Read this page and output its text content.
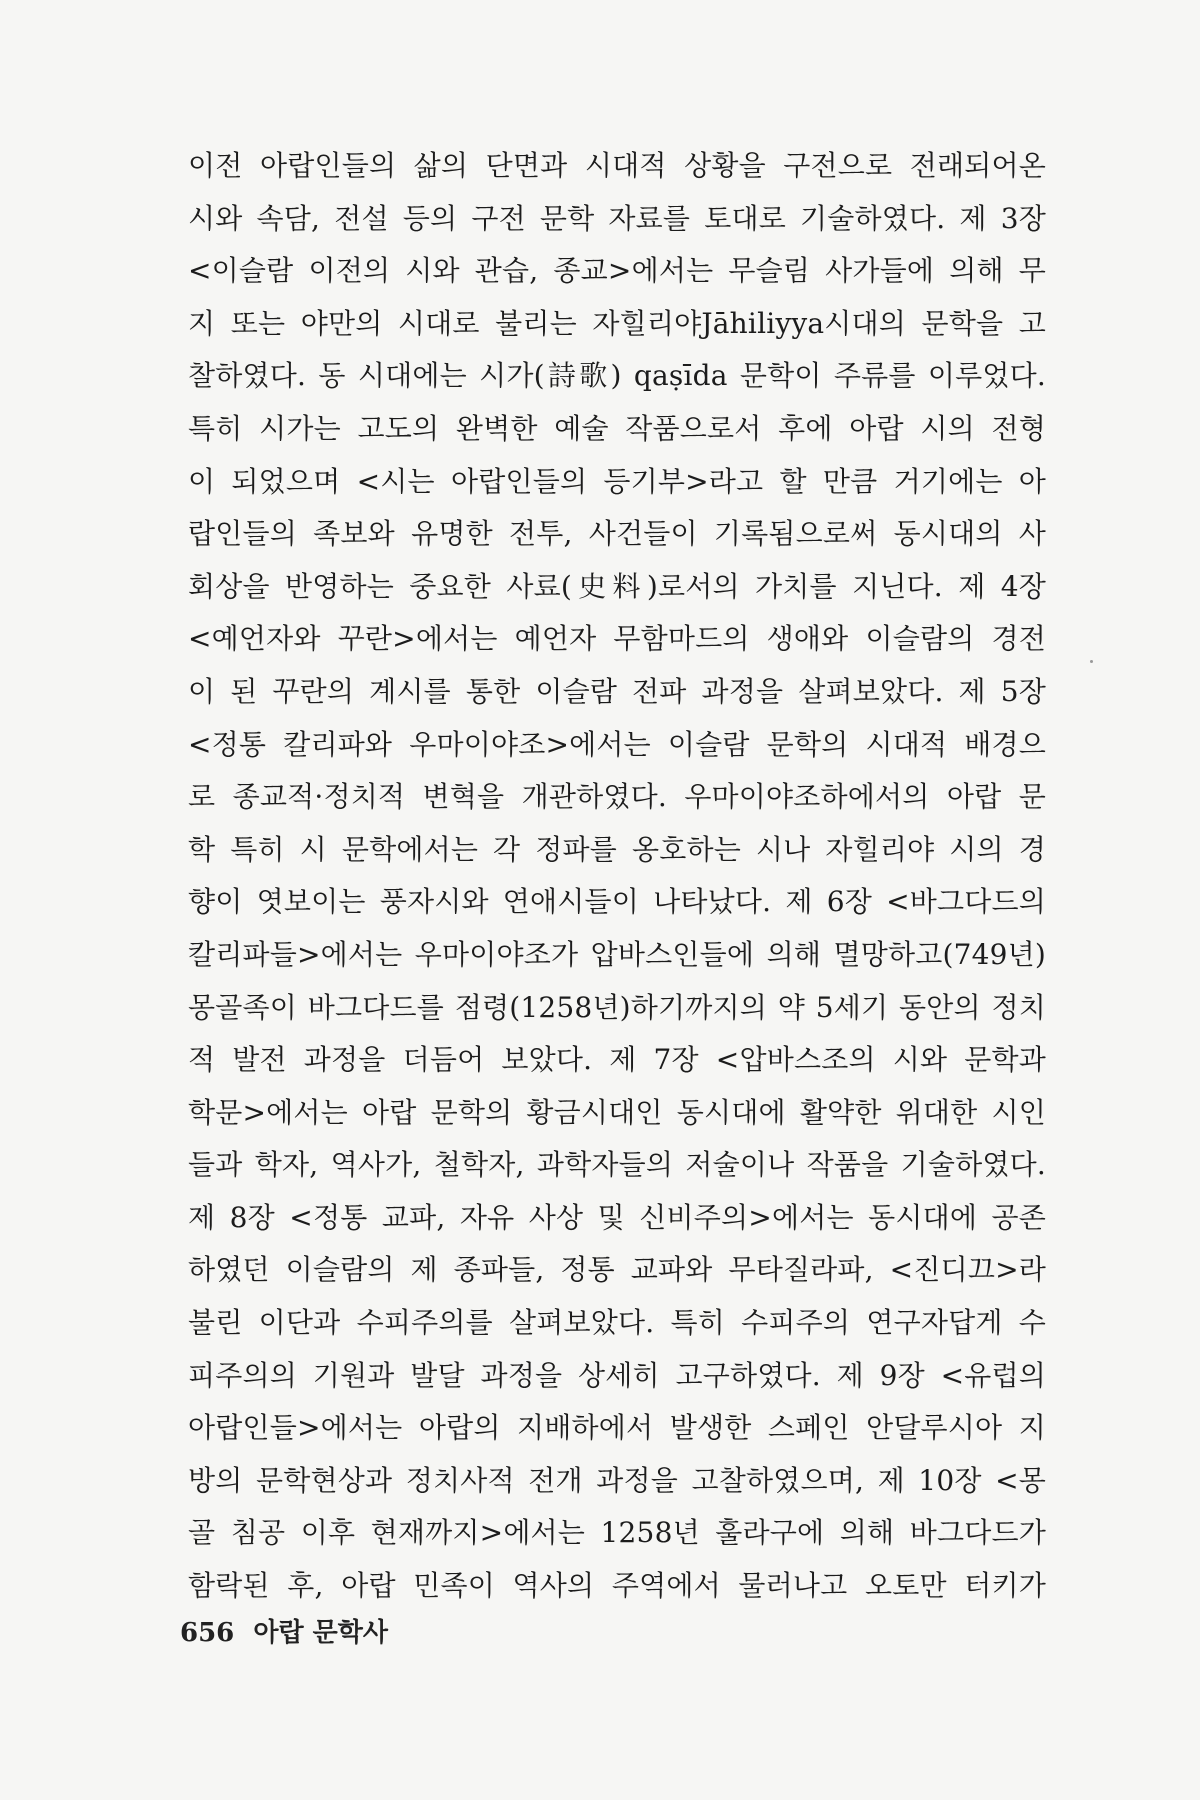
이전 아랍인들의 삶의 단면과 시대적 상황을 구전으로 전래되어온
시와 속담, 전설 등의 구전 문학 자료를 토대로 기술하였다. 제 3장
<이슬람 이전의 시와 관습, 종교>에서는 무슬림 사가들에 의해 무
지 또는 야만의 시대로 불리는 자힐리야Jāhiliyya시대의 문학을 고
찰하였다. 동 시대에는 시가(詩歌) qaṣīda 문학이 주류를 이루었다.
특히 시가는 고도의 완벽한 예술 작품으로서 후에 아랍 시의 전형
이 되었으며 <시는 아랍인들의 등기부>라고 할 만큼 거기에는 아
랍인들의 족보와 유명한 전투, 사건들이 기록됨으로써 동시대의 사
회상을 반영하는 중요한 사료(史料)로서의 가치를 지닌다. 제 4장
<예언자와 꾸란>에서는 예언자 무함마드의 생애와 이슬람의 경전
이 된 꾸란의 계시를 통한 이슬람 전파 과정을 살펴보았다. 제 5장
<정통 칼리파와 우마이야조>에서는 이슬람 문학의 시대적 배경으
로 종교적·정치적 변혁을 개관하였다. 우마이야조하에서의 아랍 문
학 특히 시 문학에서는 각 정파를 옹호하는 시나 자힐리야 시의 경
향이 엿보이는 풍자시와 연애시들이 나타났다. 제 6장 <바그다드의
칼리파들>에서는 우마이야조가 압바스인들에 의해 멸망하고(749년)
몽골족이 바그다드를 점령(1258년)하기까지의 약 5세기 동안의 정치
적 발전 과정을 더듬어 보았다. 제 7장 <압바스조의 시와 문학과
학문>에서는 아랍 문학의 황금시대인 동시대에 활약한 위대한 시인
들과 학자, 역사가, 철학자, 과학자들의 저술이나 작품을 기술하였다.
제 8장 <정통 교파, 자유 사상 및 신비주의>에서는 동시대에 공존
하였던 이슬람의 제 종파들, 정통 교파와 무타질라파, <진디끄>라
불린 이단과 수피주의를 살펴보았다. 특히 수피주의 연구자답게 수
피주의의 기원과 발달 과정을 상세히 고구하였다. 제 9장 <유럽의
아랍인들>에서는 아랍의 지배하에서 발생한 스페인 안달루시아 지
방의 문학현상과 정치사적 전개 과정을 고찰하였으며, 제 10장 <몽
골 침공 이후 현재까지>에서는 1258년 훌라구에 의해 바그다드가
함락된 후, 아랍 민족이 역사의 주역에서 물러나고 오토만 터키가
656 아랍 문학사
